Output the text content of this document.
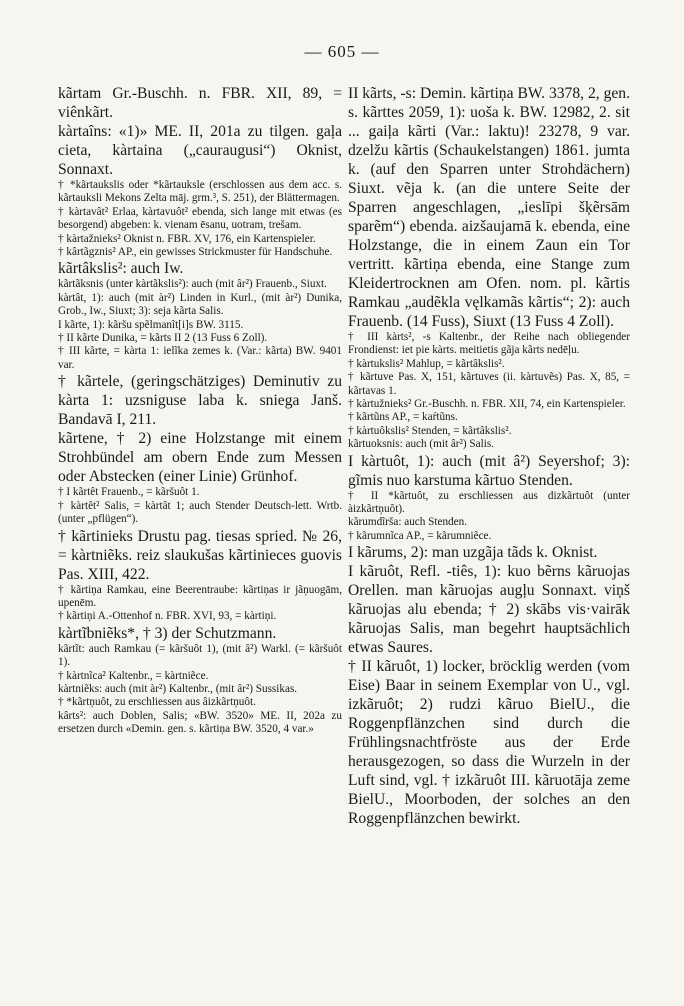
— 605 —

kãrtam Gr.-Buschh. n. FBR. XII, 89, = viênkãrt.

kàrtaîns: «1)» ME. II, 201a zu tilgen. gaļa cieta, kàrtaina („cauraugusi“) Oknist, Sonnaxt.

† *kãrtaukslis oder *kãrtaukslе (erschlossen aus dem acc. s. kãrtauksli Mekons Zelta māj. grm.³, S. 251), der Blättermagen.

† kàrtavât² Erlaa, kàrtavuôt² ebenda, sich lange mit etwas (es besorgend) abgeben: k. vienam ēsanu, uotram, trešam.

† kàrtažnieks² Oknist n. FBR. XV, 176, ein Kartenspieler.

† kârtãgznis² AP., ein gewisses Strickmuster für Handschuhe.

kãrtâkslis²: auch Iw.

kãrtãksnis (unter kàrtãkslis²): auch (mit âr²) Frauenb., Siuxt.

kàrtât, 1): auch (mit àr²) Linden in Kurl., (mit àr²) Dunika, Grob., Iw., Siuxt; 3): seja kãrta Salis.

I kãrte, 1): kãršu spẽlmanĩt[i]s BW. 3115.

† II kãrte Dunika, = kãrts II 2 (13 Fuss 6 Zoll).

† III kãrte, = kàrta 1: ielĩka zemes k. (Var.: kãrta) BW. 9401 var.

† kãrtele, (geringschätziges) Deminutiv zu kàrta 1: uzsniguse laba k. sniega Janš. Bandavā I, 211.

kãrtene, † 2) eine Holzstange mit einem Strohbündel am obern Ende zum Messen oder Abstecken (einer Linie) Grünhof.

† I kãrtêt Frauenb., = kãršuôt 1.

† kàrtêt² Salis, = kàrtât 1; auch Stender Deutsch-lett. Wrtb. (unter „pflügen“).

† kãrtinieks Drustu pag. tiesas spried. № 26, = kàrtniẽks. reiz slaukušas kãrtinieces guovis Pas. XIII, 422.

† kãrtiņa Ramkau, eine Beerentraube: kãrtiņas ir jãņuogām, upenēm.

† kãrtiņi A.-Ottenhof n. FBR. XVI, 93, = kàrtiņi.

kàrtĩbniẽks*, † 3) der Schutzmann.

kãrtĩt: auch Ramkau (= kãršuôt 1), (mit â²) Warkl. (= kãršuôt 1).

† kàrtnĩca² Kaltenbr., = kàrtniẽce.

kàrtniẽks: auch (mit àr²) Kaltenbr., (mit âr²) Sussikas.

† *kãrtņuôt, zu erschliessen aus âizkãrtņuôt.

kârts²: auch Doblen, Salis; «BW. 3520» ME. II, 202a zu ersetzen durch «Demin. gen. s. kãrtiņa BW. 3520, 4 var.»

II kãrts, -s: Demin. kãrtiņa BW. 3378, 2, gen. s. kãrttes 2059, 1): uoša k. BW. 12982, 2. sit ... gaiļa kãrti (Var.: laktu)! 23278, 9 var. dzelžu kãrtis (Schaukelstangen) 1861. jumta k. (auf den Sparren unter Strohdächern) Siuxt. vẽja k. (an die untere Seite der Sparren angeschlagen, „ieslīpi šķẽrsām sparẽm“) ebenda. aizšaujamā k. ebenda, eine Holzstange, die in einem Zaun ein Tor vertritt. kãrtiņa ebenda, eine Stange zum Kleidertrocknen am Ofen. nom. pl. kãrtis Ramkau „audẽkla vęlkamãs kãrtis“; 2): auch Frauenb. (14 Fuss), Siuxt (13 Fuss 4 Zoll).

† III kàrts², -s Kaltenbr., der Reihe nach obliegender Frondienst: iet pie kàrts. meitietis gãja kãrts nedēļu.

† kàrtukslis² Mahlup, = kãrtâkslis².

† kãrtuve Pas. X, 151, kãrtuves (ii. kàrtuvẽs) Pas. X, 85, = kãrtavas 1.

† kàrtužnieks² Gr.-Buschh. n. FBR. XII, 74, ein Kartenspieler.

† kãrtũns AP., = kaŕtũns.

† kàrtuôkslis² Stenden, = kãrtâkslis².

kãrtuoksnis: auch (mit âr²) Salis.

I kàrtuôt, 1): auch (mit â²) Seyershof; 3): gĩmis nuo karstuma kãrtuo Stenden.

† II *kãrtuôt, zu erschliessen aus dizkãrtuôt (unter àizkãrtņuôt).

kãrumdĩrša: auch Stenden.

† kãrumnĩca AP., = kãrumniẽce.

I kãrums, 2): man uzgãja tãds k. Oknist.

I kãruôt, Refl. -tiês, 1): kuo bẽrns kãruojas Orellen. man kãruojas augļu Sonnaxt. viņš kãruojas alu ebenda; † 2) skābs vis·vairāk kãruojas Salis, man begehrt hauptsächlich etwas Saures.

† II kãruôt, 1) locker, bröcklig werden (vom Eise) Baar in seinem Exemplar von U., vgl. izkãruôt; 2) rudzi kãruo BielU., die Roggenpflänzchen sind durch die Frühlingsnachtfröste aus der Erde herausgezogen, so dass die Wurzeln in der Luft sind, vgl. † izkãruôt III. kãruotāja zeme BielU., Moorboden, der solches an den Roggenpflänzchen bewirkt.
